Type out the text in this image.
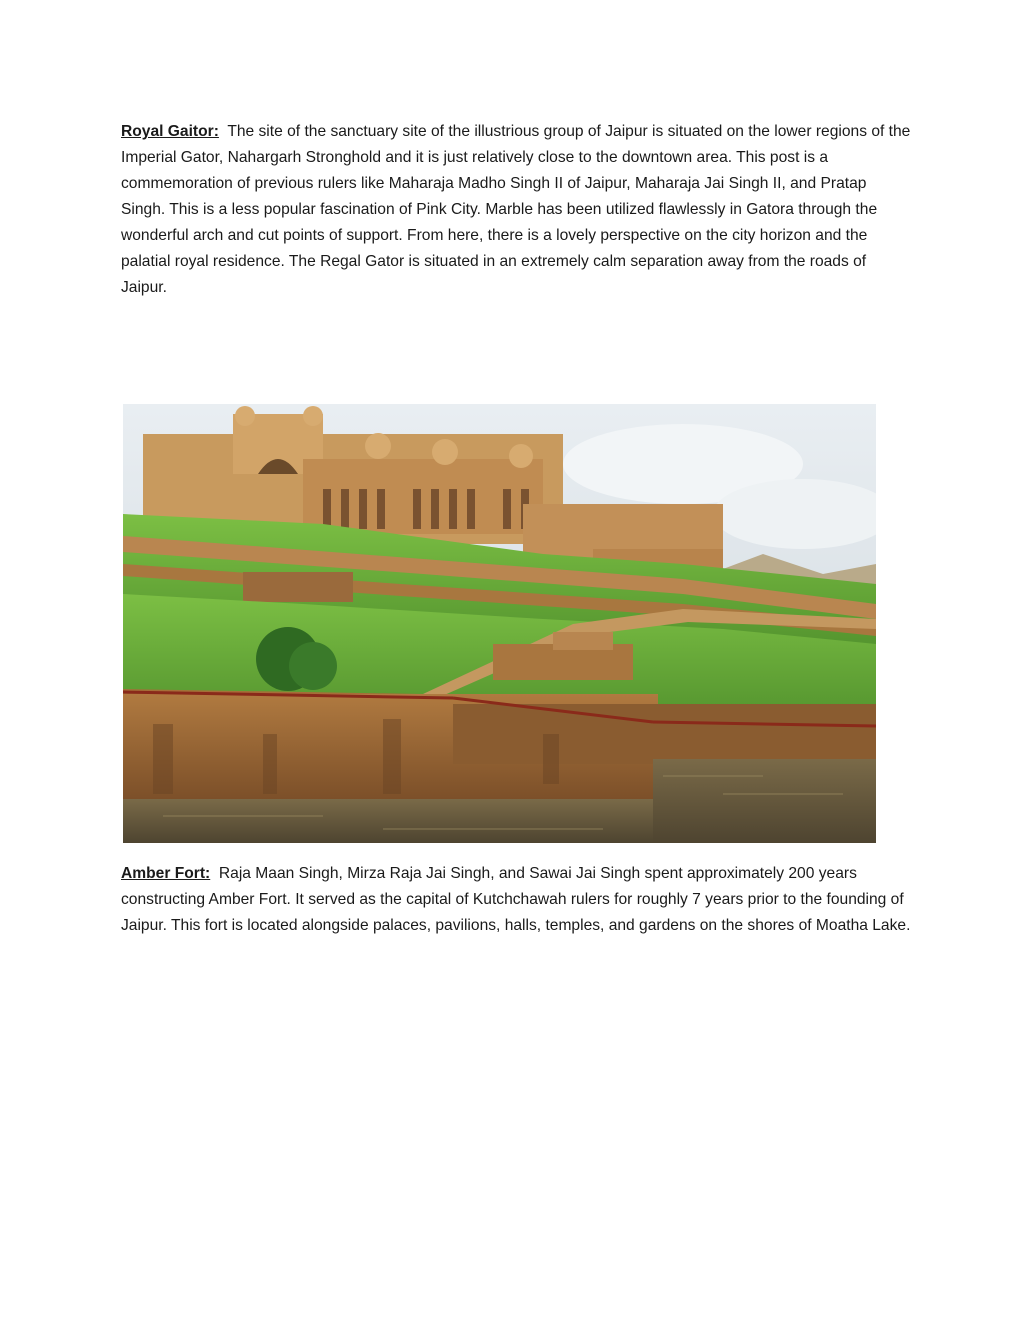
Royal Gaitor: The site of the sanctuary site of the illustrious group of Jaipur is situated on the lower regions of the Imperial Gator, Nahargarh Stronghold and it is just relatively close to the downtown area. This post is a commemoration of previous rulers like Maharaja Madho Singh II of Jaipur, Maharaja Jai Singh II, and Pratap Singh. This is a less popular fascination of Pink City. Marble has been utilized flawlessly in Gatora through the wonderful arch and cut points of support. From here, there is a lovely perspective on the city horizon and the palatial royal residence. The Regal Gator is situated in an extremely calm separation away from the roads of Jaipur.

Amber Fort: Raja Maan Singh, Mirza Raja Jai Singh, and Sawai Jai Singh spent approximately 200 years constructing Amber Fort. It served as the capital of Kutchchawah rulers for roughly 7 years prior to the founding of Jaipur. This fort is located alongside palaces, pavilions, halls, temples, and gardens on the shores of Moatha Lake.
